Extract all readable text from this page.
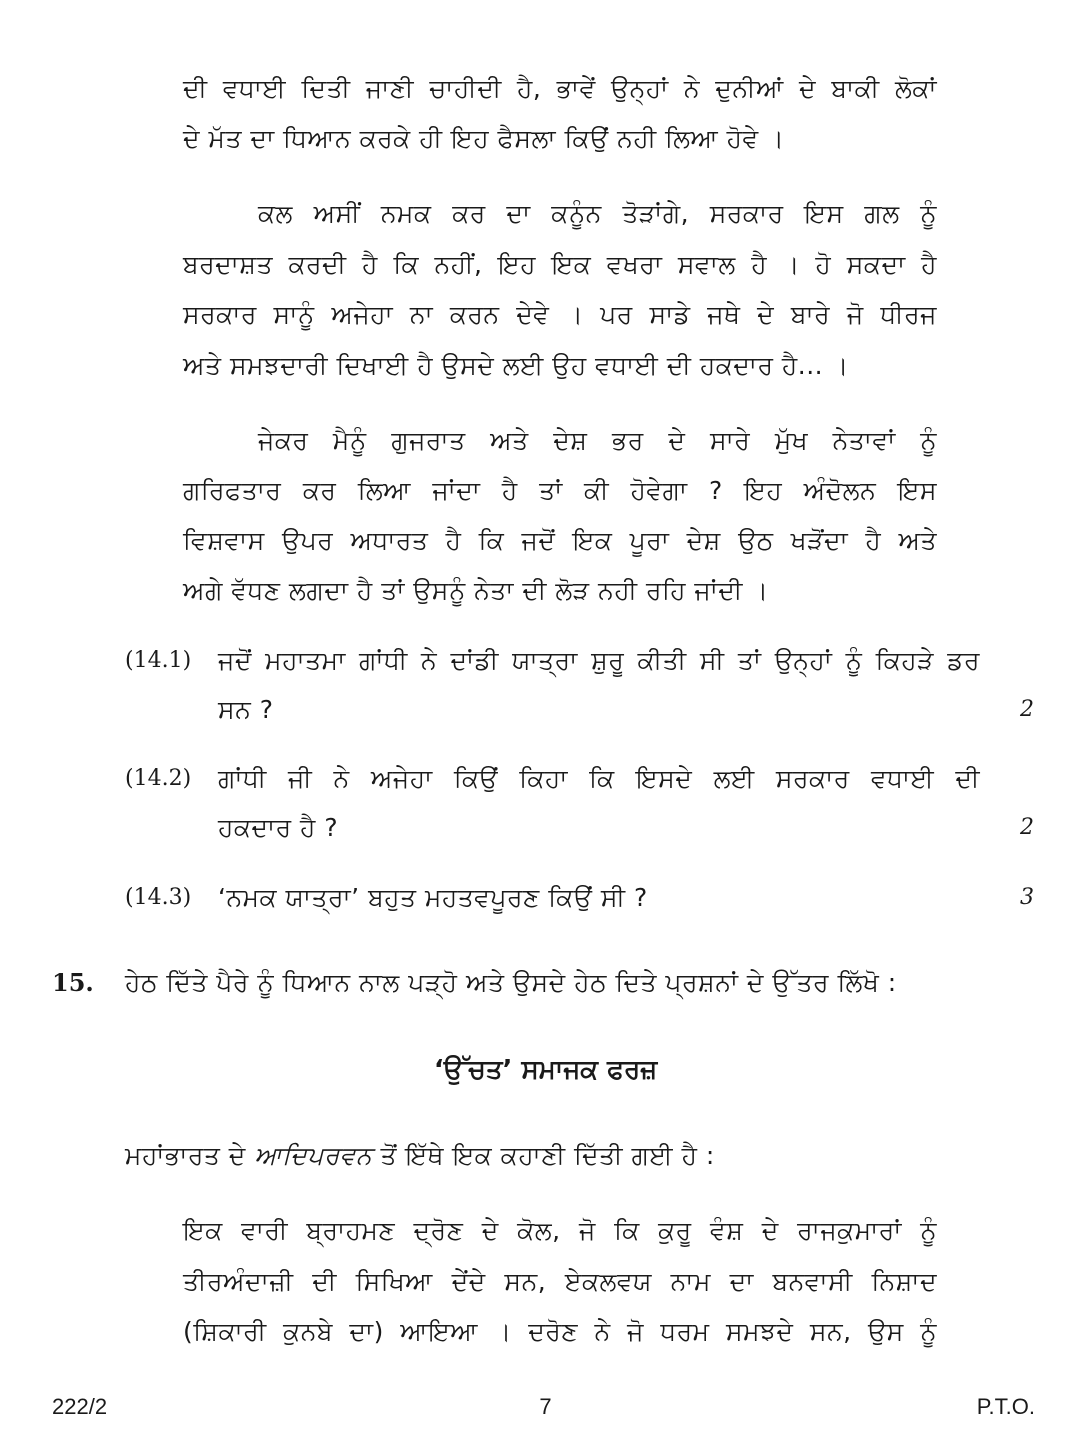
ਦੀ ਵਧਾਈ ਦਿਤੀ ਜਾਣੀ ਚਾਹੀਦੀ ਹੈ, ਭਾਵੇਂ ਉਨ੍ਹਾਂ ਨੇ ਦੁਨੀਆਂ ਦੇ ਬਾਕੀ ਲੋਕਾਂ
ਦੇ ਮੱਤ ਦਾ ਧਿਆਨ ਕਰਕੇ ਹੀ ਇਹ ਫੈਸਲਾ ਕਿਉਂ ਨਹੀ ਲਿਆ ਹੋਵੇ ।
ਕਲ ਅਸੀਂ ਨਮਕ ਕਰ ਦਾ ਕਨੂੰਨ ਤੋੜਾਂਗੇ, ਸਰਕਾਰ ਇਸ ਗਲ ਨੂੰ
ਬਰਦਾਸ਼ਤ ਕਰਦੀ ਹੈ ਕਿ ਨਹੀਂ, ਇਹ ਇਕ ਵਖਰਾ ਸਵਾਲ ਹੈ । ਹੋ ਸਕਦਾ ਹੈ
ਸਰਕਾਰ ਸਾਨੂੰ ਅਜੇਹਾ ਨਾ ਕਰਨ ਦੇਵੇ । ਪਰ ਸਾਡੇ ਜਥੇ ਦੇ ਬਾਰੇ ਜੋ ਧੀਰਜ
ਅਤੇ ਸਮਝਦਾਰੀ ਦਿਖਾਈ ਹੈ ਉਸਦੇ ਲਈ ਉਹ ਵਧਾਈ ਦੀ ਹਕਦਾਰ ਹੈ... ।
ਜੇਕਰ ਮੈਨੂੰ ਗੁਜਰਾਤ ਅਤੇ ਦੇਸ਼ ਭਰ ਦੇ ਸਾਰੇ ਮੁੱਖ ਨੇਤਾਵਾਂ ਨੂੰ
ਗਰਿਫਤਾਰ ਕਰ ਲਿਆ ਜਾਂਦਾ ਹੈ ਤਾਂ ਕੀ ਹੋਵੇਗਾ ? ਇਹ ਅੰਦੋਲਨ ਇਸ
ਵਿਸ਼ਵਾਸ ਉਪਰ ਅਧਾਰਤ ਹੈ ਕਿ ਜਦੋਂ ਇਕ ਪੂਰਾ ਦੇਸ਼ ਉਠ ਖੜੋਂਦਾ ਹੈ ਅਤੇ
ਅਗੇ ਵੱਧਣ ਲਗਦਾ ਹੈ ਤਾਂ ਉਸਨੂੰ ਨੇਤਾ ਦੀ ਲੋੜ ਨਹੀ ਰਹਿ ਜਾਂਦੀ ।
(14.1) ਜਦੋਂ ਮਹਾਤਮਾ ਗਾਂਧੀ ਨੇ ਦਾਂਡੀ ਯਾਤ੍ਰਾ ਸ਼ੁਰੂ ਕੀਤੀ ਸੀ ਤਾਂ ਉਨ੍ਹਾਂ ਨੂੰ ਕਿਹੜੇ ਡਰ
ਸਨ ?	2
(14.2) ਗਾਂਧੀ ਜੀ ਨੇ ਅਜੇਹਾ ਕਿਉਂ ਕਿਹਾ ਕਿ ਇਸਦੇ ਲਈ ਸਰਕਾਰ ਵਧਾਈ ਦੀ
ਹਕਦਾਰ ਹੈ ?	2
(14.3) ‘ਨਮਕ ਯਾਤ੍ਰਾ’ ਬਹੁਤ ਮਹਤਵਪੂਰਣ ਕਿਉਂ ਸੀ ?	3
15. ਹੇਠ ਦਿੱਤੇ ਪੈਰੇ ਨੂੰ ਧਿਆਨ ਨਾਲ ਪੜ੍ਹੋ ਅਤੇ ਉਸਦੇ ਹੇਠ ਦਿਤੇ ਪ੍ਰਸ਼ਨਾਂ ਦੇ ਉੱਤਰ ਲਿੱਖੋ :
‘ਉੱਚਤ’ ਸਮਾਜਕ ਫਰਜ਼
ਮਹਾਂਭਾਰਤ ਦੇ ਆਦਿਪਰਵਨ ਤੋਂ ਇੱਥੇ ਇਕ ਕਹਾਣੀ ਦਿੱਤੀ ਗਈ ਹੈ :
ਇਕ ਵਾਰੀ ਬ੍ਰਾਹਮਣ ਦ੍ਰੋਣ ਦੇ ਕੋਲ, ਜੋ ਕਿ ਕੁਰੂ ਵੰਸ਼ ਦੇ ਰਾਜਕੁਮਾਰਾਂ ਨੂੰ
ਤੀਰਅੰਦਾਜ਼ੀ ਦੀ ਸਿਖਿਆ ਦੇਂਦੇ ਸਨ, ਏਕਲਵਯ ਨਾਮ ਦਾ ਬਨਵਾਸੀ ਨਿਸ਼ਾਦ
(ਸ਼ਿਕਾਰੀ ਕੁਨਬੇ ਦਾ) ਆਇਆ । ਦਰੋਣ ਨੇ ਜੋ ਧਰਮ ਸਮਝਦੇ ਸਨ, ਉਸ ਨੂੰ
222/2	7	P.T.O.
